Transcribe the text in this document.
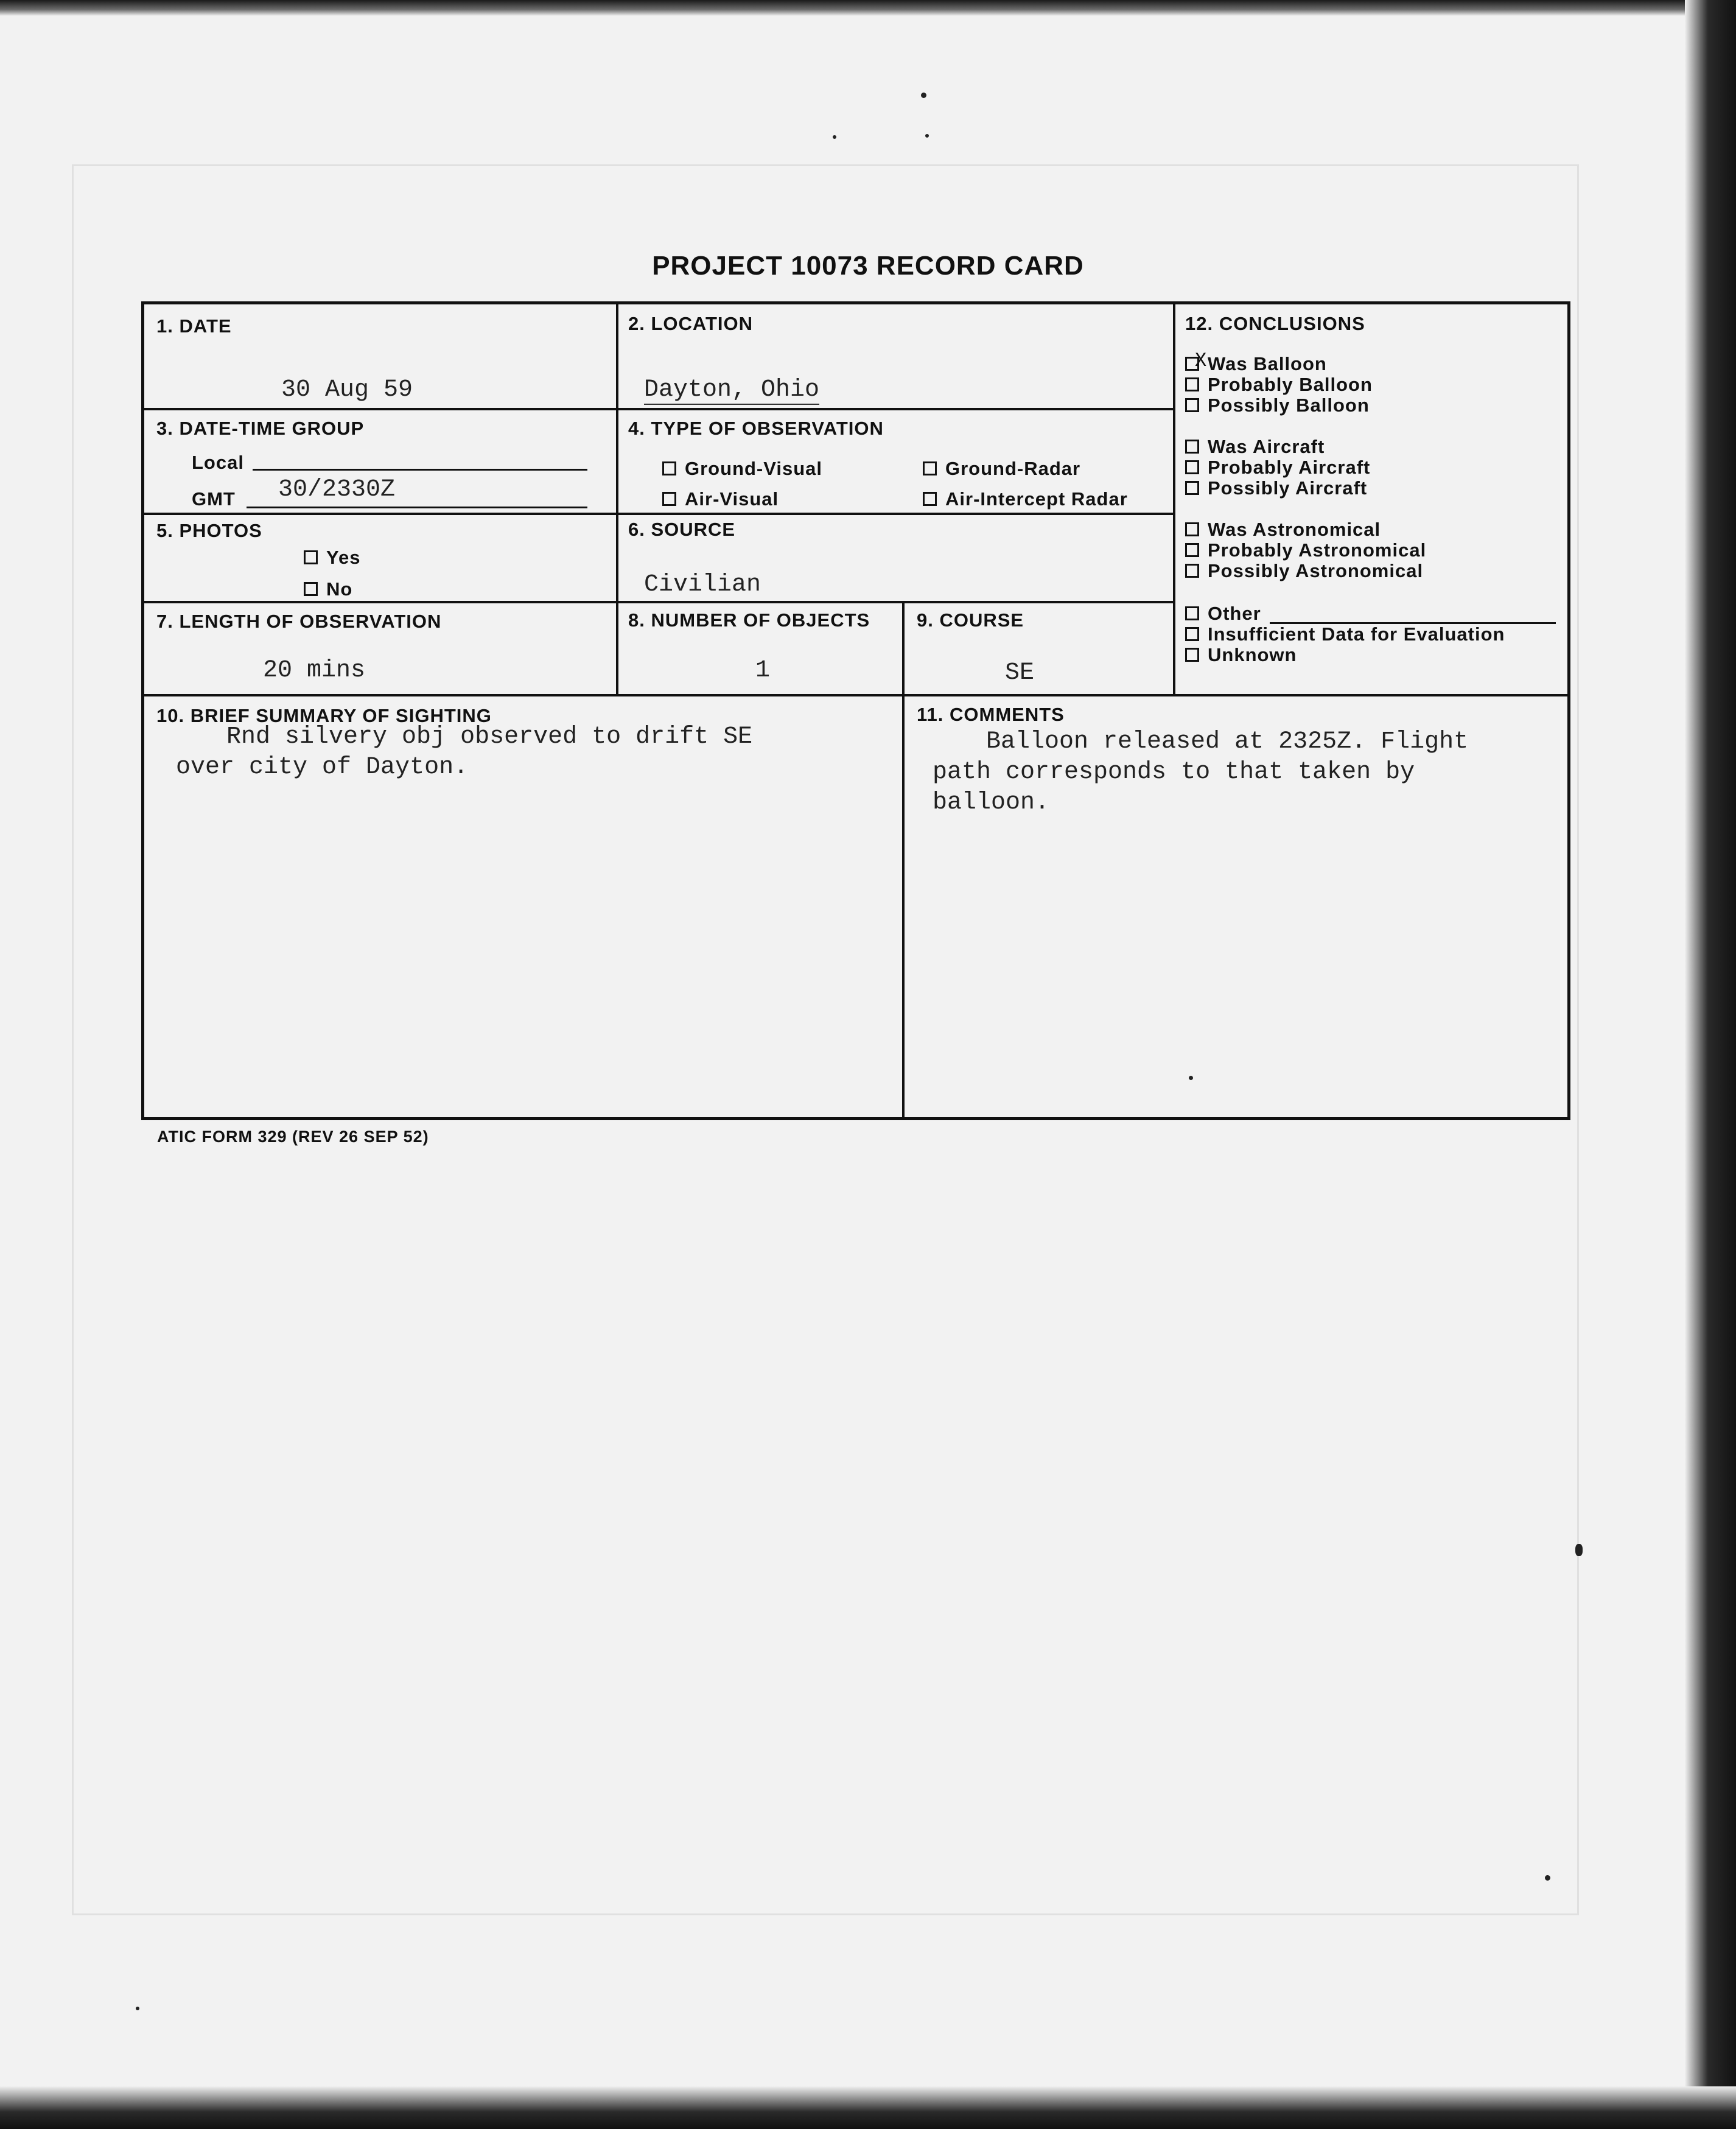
PROJECT 10073 RECORD CARD
1. DATE
30 Aug 59
2. LOCATION
Dayton, Ohio
12. CONCLUSIONS
X Was Balloon
Probably Balloon
Possibly Balloon
Was Aircraft
Probably Aircraft
Possibly Aircraft
Was Astronomical
Probably Astronomical
Possibly Astronomical
Other
Insufficient Data for Evaluation
Unknown
3. DATE-TIME GROUP
Local
GMT 30/2330Z
4. TYPE OF OBSERVATION
Ground-Visual	Ground-Radar
Air-Visual	Air-Intercept Radar
5. PHOTOS
Yes
No
6. SOURCE
Civilian
7. LENGTH OF OBSERVATION
20 mins
8. NUMBER OF OBJECTS
1
9. COURSE
SE
10. BRIEF SUMMARY OF SIGHTING
Rnd silvery obj observed to drift SE
over city of Dayton.
11. COMMENTS
Balloon released at 2325Z. Flight
path corresponds to that taken by
balloon.
ATIC FORM 329 (REV 26 SEP 52)
